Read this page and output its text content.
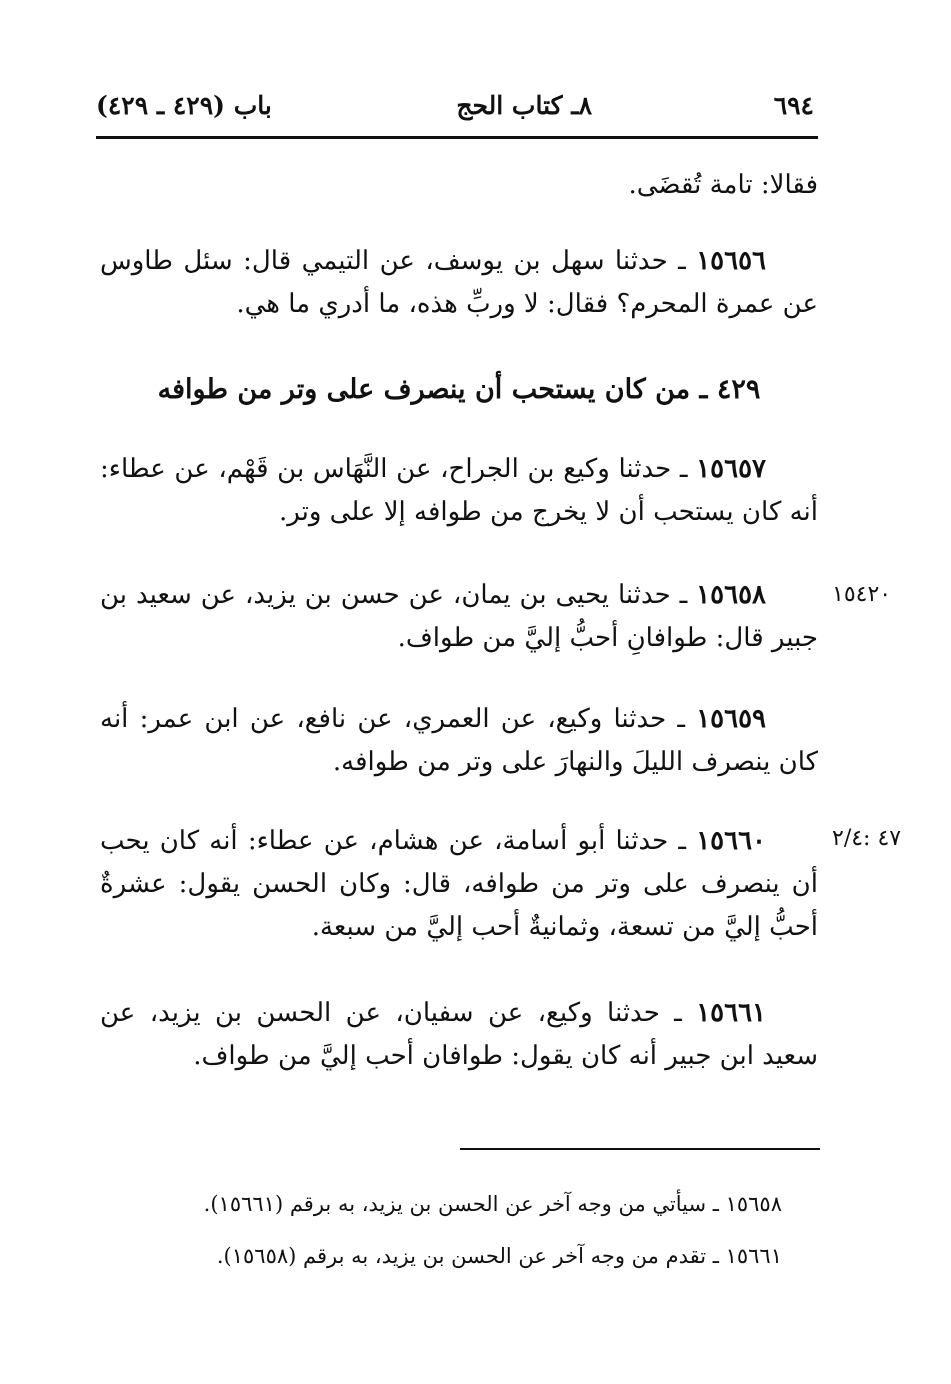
٦٩٤
٨ـ كتاب الحج
باب (٤٢٩ ـ ٤٢٩)

فقالا: تامة تُقضَى.

١٥٦٥٦ ـ حدثنا سهل بن يوسف، عن التيمي قال: سئل طاوس عن عمرة المحرم؟ فقال: لا وربِّ هذه، ما أدري ما هي.

٤٢٩ ـ من كان يستحب أن ينصرف على وتر من طوافه

١٥٦٥٧ ـ حدثنا وكيع بن الجراح، عن النَّهَاس بن قَهْم، عن عطاء: أنه كان يستحب أن لا يخرج من طوافه إلا على وتر.

١٥٤٢٠

١٥٦٥٨ ـ حدثنا يحيى بن يمان، عن حسن بن يزيد، عن سعيد بن جبير قال: طوافانِ أحبُّ إليَّ من طواف.

١٥٦٥٩ ـ حدثنا وكيع، عن العمري، عن نافع، عن ابن عمر: أنه كان ينصرف الليلَ والنهارَ على وتر من طوافه.

٤٧ :٢/٤

١٥٦٦٠ ـ حدثنا أبو أسامة، عن هشام، عن عطاء: أنه كان يحب أن ينصرف على وتر من طوافه، قال: وكان الحسن يقول: عشرةٌ أحبُّ إليَّ من تسعة، وثمانيةٌ أحب إليَّ من سبعة.

١٥٦٦١ ـ حدثنا وكيع، عن سفيان، عن الحسن بن يزيد، عن سعيد ابن جبير أنه كان يقول: طوافان أحب إليَّ من طواف.

١٥٦٥٨ ـ سيأتي من وجه آخر عن الحسن بن يزيد، به برقم (١٥٦٦١).

١٥٦٦١ ـ تقدم من وجه آخر عن الحسن بن يزيد، به برقم (١٥٦٥٨).
